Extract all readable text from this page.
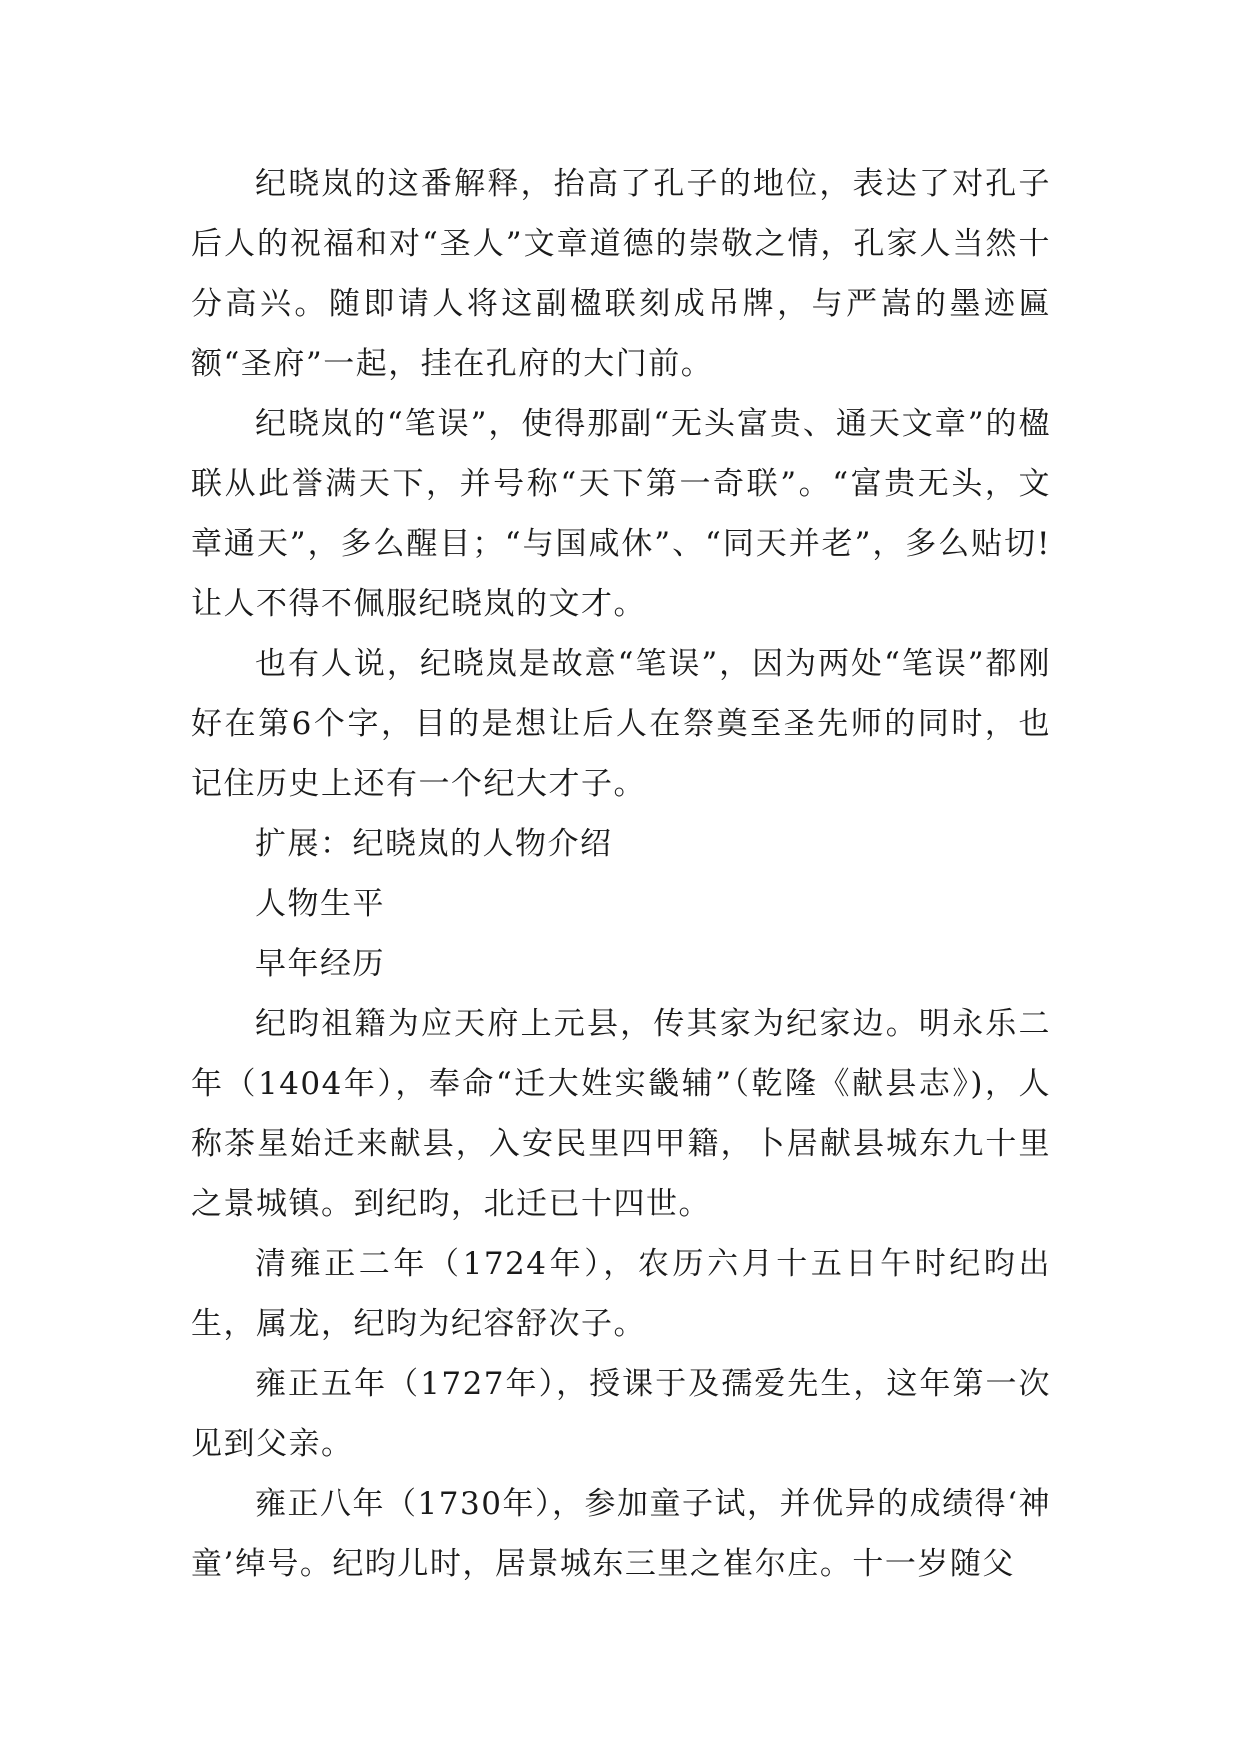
纪晓岚的这番解释，抬高了孔子的地位，表达了对孔子后人的祝福和对“圣人”文章道德的崇敬之情，孔家人当然十分高兴。随即请人将这副楹联刻成吊牌，与严嵩的墨迹匾额“圣府”一起，挂在孔府的大门前。

纪晓岚的“笔误”，使得那副“无头富贵、通天文章”的楹联从此誉满天下，并号称“天下第一奇联”。“富贵无头，文章通天”，多么醒目；“与国咸休”、“同天并老”，多么贴切!让人不得不佩服纪晓岚的文才。

也有人说，纪晓岚是故意“笔误”，因为两处“笔误”都刚好在第6个字，目的是想让后人在祭奠至圣先师的同时，也记住历史上还有一个纪大才子。

扩展：纪晓岚的人物介绍

人物生平

早年经历

纪昀祖籍为应天府上元县，传其家为纪家边。明永乐二年（1404年），奉命“迁大姓实畿辅”（乾隆《献县志》)，人称茶星始迁来献县，入安民里四甲籍，卜居献县城东九十里之景城镇。到纪昀，北迁已十四世。

清雍正二年（1724年），农历六月十五日午时纪昀出生，属龙，纪昀为纪容舒次子。

雍正五年（1727年），授课于及孺爱先生，这年第一次见到父亲。

雍正八年（1730年），参加童子试，并优异的成绩得‘神童’绰号。纪昀儿时，居景城东三里之崔尔庄。十一岁随父
